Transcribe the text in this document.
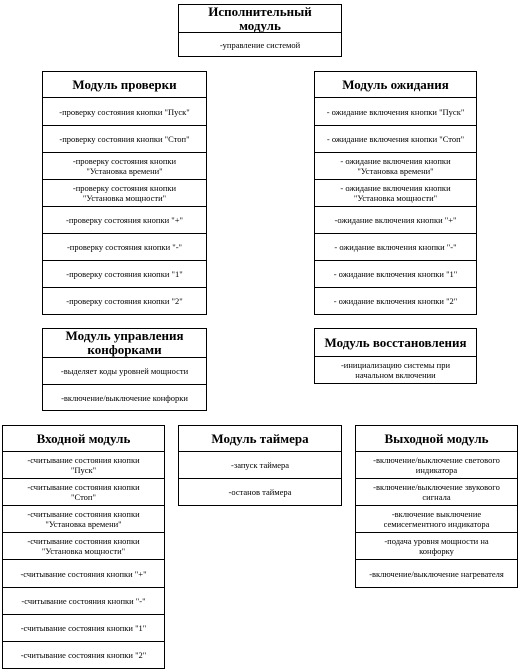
Исполнительный
модуль
-управление системой
Модуль проверки
-проверку состояния кнопки "Пуск"
-проверку состояния кнопки "Стоп"
-проверку состояния кнопки
"Установка времени"
-проверку состояния кнопки
"Установка мощности"
-проверку состояния кнопки "+"
-проверку состояния кнопки "-"
-проверку состояния кнопки "1"
-проверку состояния кнопки "2"
Модуль ожидания
- ожидание включения кнопки "Пуск"
- ожидание включения кнопки "Стоп"
- ожидание включения кнопки
"Установка времени"
- ожидание включения кнопки
"Установка мощности"
-ожидание включения кнопки "+"
- ожидание включения кнопки "-"
- ожидание включения кнопки "1"
- ожидание включения кнопки "2"
Модуль управления
конфорками
-выделяет коды уровней мощности
-включение/выключение конфорки
Модуль восстановления
-инициализацию системы при
начальном включении
Входной модуль
-считывание состояния кнопки
"Пуск"
-считывание состояния кнопки
"Стоп"
-считывание состояния кнопки
"Установка времени"
-считывание состояния кнопки
"Установка мощности"
-считывание состояния кнопки "+"
-считывание состояния кнопки "-"
-считывание состояния кнопки "1"
-считывание состояния кнопки "2"
Модуль таймера
-запуск таймера
-останов таймера
Выходной модуль
-включение/выключение светового
индикатора
-включение/выключение звукового
сигнала
-включение выключение
семисегментного индикатора
-подача уровня мощности на
конфорку
-включение/выключение нагревателя
